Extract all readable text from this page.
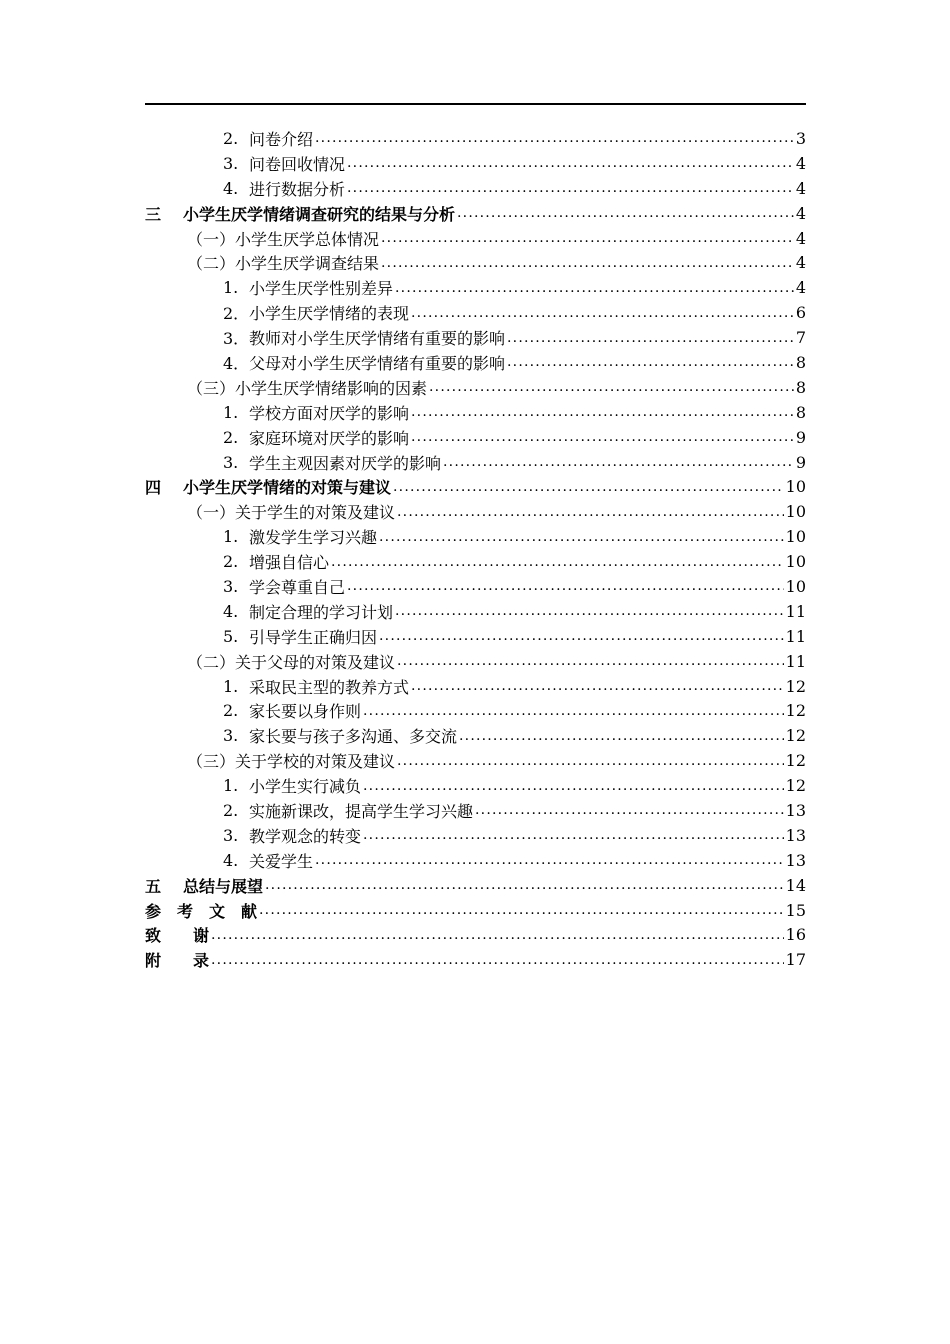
2. 问卷介绍 .....	3
3. 问卷回收情况 .....	4
4. 进行数据分析 .....	4
三	小学生厌学情绪调查研究的结果与分析 .....	4
（一）小学生厌学总体情况 .....	4
（二）小学生厌学调查结果 .....	4
1. 小学生厌学性别差异 .....	4
2． 小学生厌学情绪的表现 .....	6
3． 教师对小学生厌学情绪有重要的影响 .....	7
4． 父母对小学生厌学情绪有重要的影响 .....	8
（三）小学生厌学情绪影响的因素 .....	8
1. 学校方面对厌学的影响 .....	8
2. 家庭环境对厌学的影响 .....	9
3. 学生主观因素对厌学的影响 .....	9
四	小学生厌学情绪的对策与建议 .....	10
（一）关于学生的对策及建议 .....	10
1. 激发学生学习兴趣 .....	10
2. 增强自信心 .....	10
3. 学会尊重自己 .....	10
4. 制定合理的学习计划 .....	11
5. 引导学生正确归因 .....	11
（二）关于父母的对策及建议 .....	11
1. 采取民主型的教养方式 .....	12
2. 家长要以身作则 .....	12
3. 家长要与孩子多沟通、多交流 .....	12
（三）关于学校的对策及建议 .....	12
1. 小学生实行减负 .....	12
2. 实施新课改，提高学生学习兴趣 .....	13
3. 教学观念的转变 .....	13
4. 关爱学生 .....	13
五	总结与展望 .....	14
参　考　文　献 .....	15
致　　谢 .....	16
附　　录 .....	17
